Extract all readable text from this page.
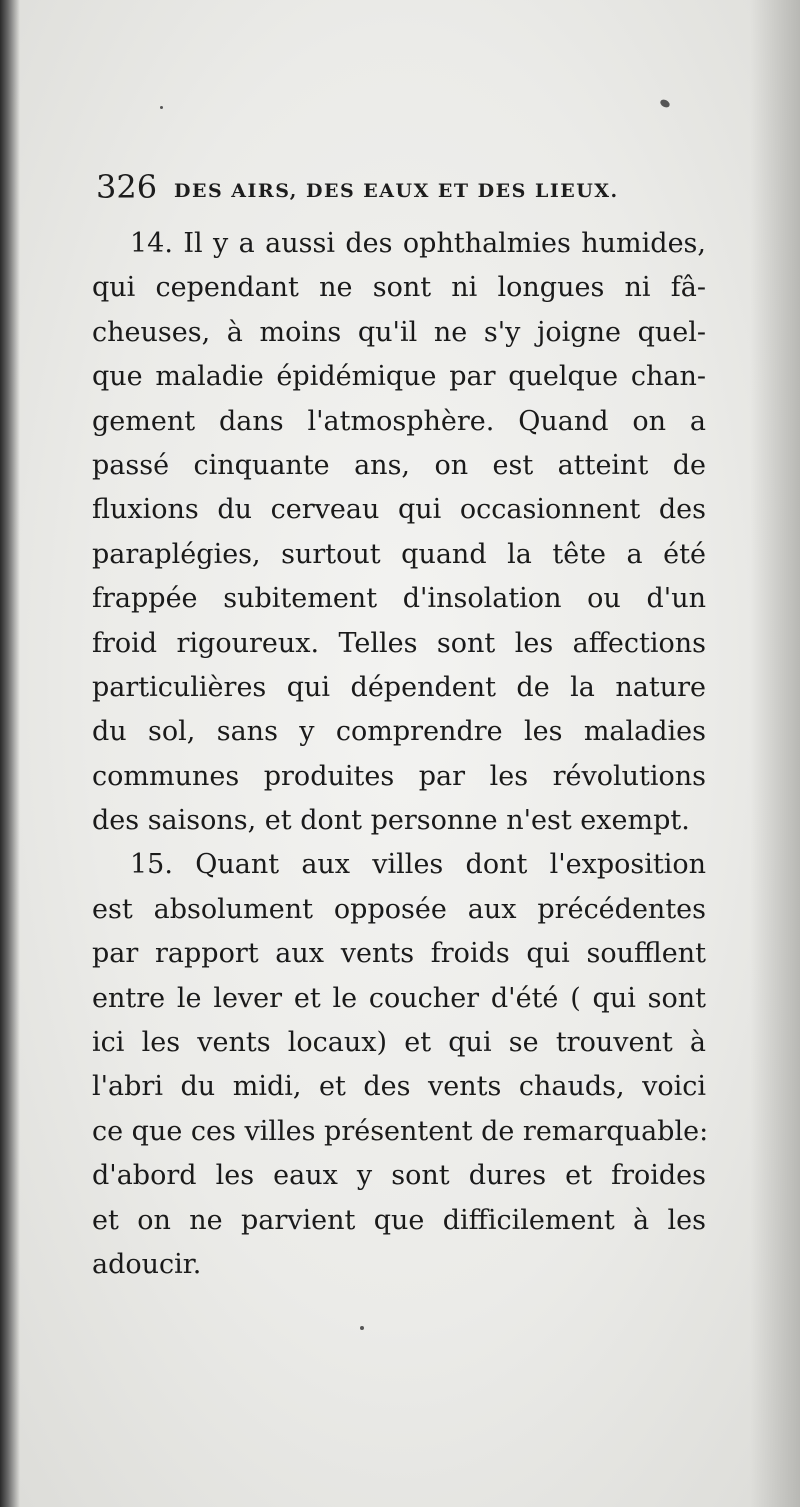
326 DES AIRS, DES EAUX ET DES LIEUX.
14. Il y a aussi des ophthalmies humides,
qui cependant ne sont ni longues ni fâ-
cheuses, à moins qu'il ne s'y joigne quel-
que maladie épidémique par quelque chan-
gement dans l'atmosphère. Quand on a
passé cinquante ans, on est atteint de
fluxions du cerveau qui occasionnent des
paraplégies, surtout quand la tête a été
frappée subitement d'insolation ou d'un
froid rigoureux. Telles sont les affections
particulières qui dépendent de la nature
du sol, sans y comprendre les maladies
communes produites par les révolutions
des saisons, et dont personne n'est exempt.
15. Quant aux villes dont l'exposition
est absolument opposée aux précédentes
par rapport aux vents froids qui soufflent
entre le lever et le coucher d'été ( qui sont
ici les vents locaux) et qui se trouvent à
l'abri du midi, et des vents chauds, voici
ce que ces villes présentent de remarquable:
d'abord les eaux y sont dures et froides
et on ne parvient que difficilement à les
adoucir.
